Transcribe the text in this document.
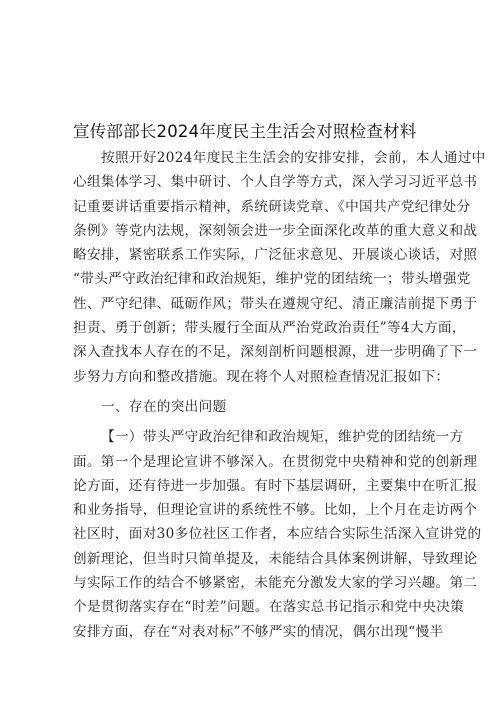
宣传部部长2024年度民主生活会对照检查材料
按照开好2024年度民主生活会的安排安排，会前，本人通过中
心组集体学习、集中研讨、个人自学等方式，深入学习习近平总书
记重要讲话重要指示精神，系统研读党章、《中国共产党纪律处分
条例》等党内法规，深刻领会进一步全面深化改革的重大意义和战
略安排，紧密联系工作实际，广泛征求意见、开展谈心谈话，对照
“带头严守政治纪律和政治规矩，维护党的团结统一；带头增强党
性、严守纪律、砥砺作风；带头在遵规守纪、清正廉洁前提下勇于
担责、勇于创新；带头履行全面从严治党政治责任”等4大方面，
深入查找本人存在的不足，深刻剖析问题根源，进一步明确了下一
步努力方向和整改措施。现在将个人对照检查情况汇报如下：
一、存在的突出问题
【一）带头严守政治纪律和政治规矩，维护党的团结统一方
面。第一个是理论宣讲不够深入。在贯彻党中央精神和党的创新理
论方面，还有待进一步加强。有时下基层调研，主要集中在听汇报
和业务指导，但理论宣讲的系统性不够。比如，上个月在走访两个
社区时，面对30多位社区工作者，本应结合实际生活深入宣讲党的
创新理论，但当时只简单提及，未能结合具体案例讲解，导致理论
与实际工作的结合不够紧密，未能充分激发大家的学习兴趣。第二
个是贯彻落实存在“时差”问题。在落实总书记指示和党中央决策
安排方面，存在“对表对标”不够严实的情况，偶尔出现“慢半
